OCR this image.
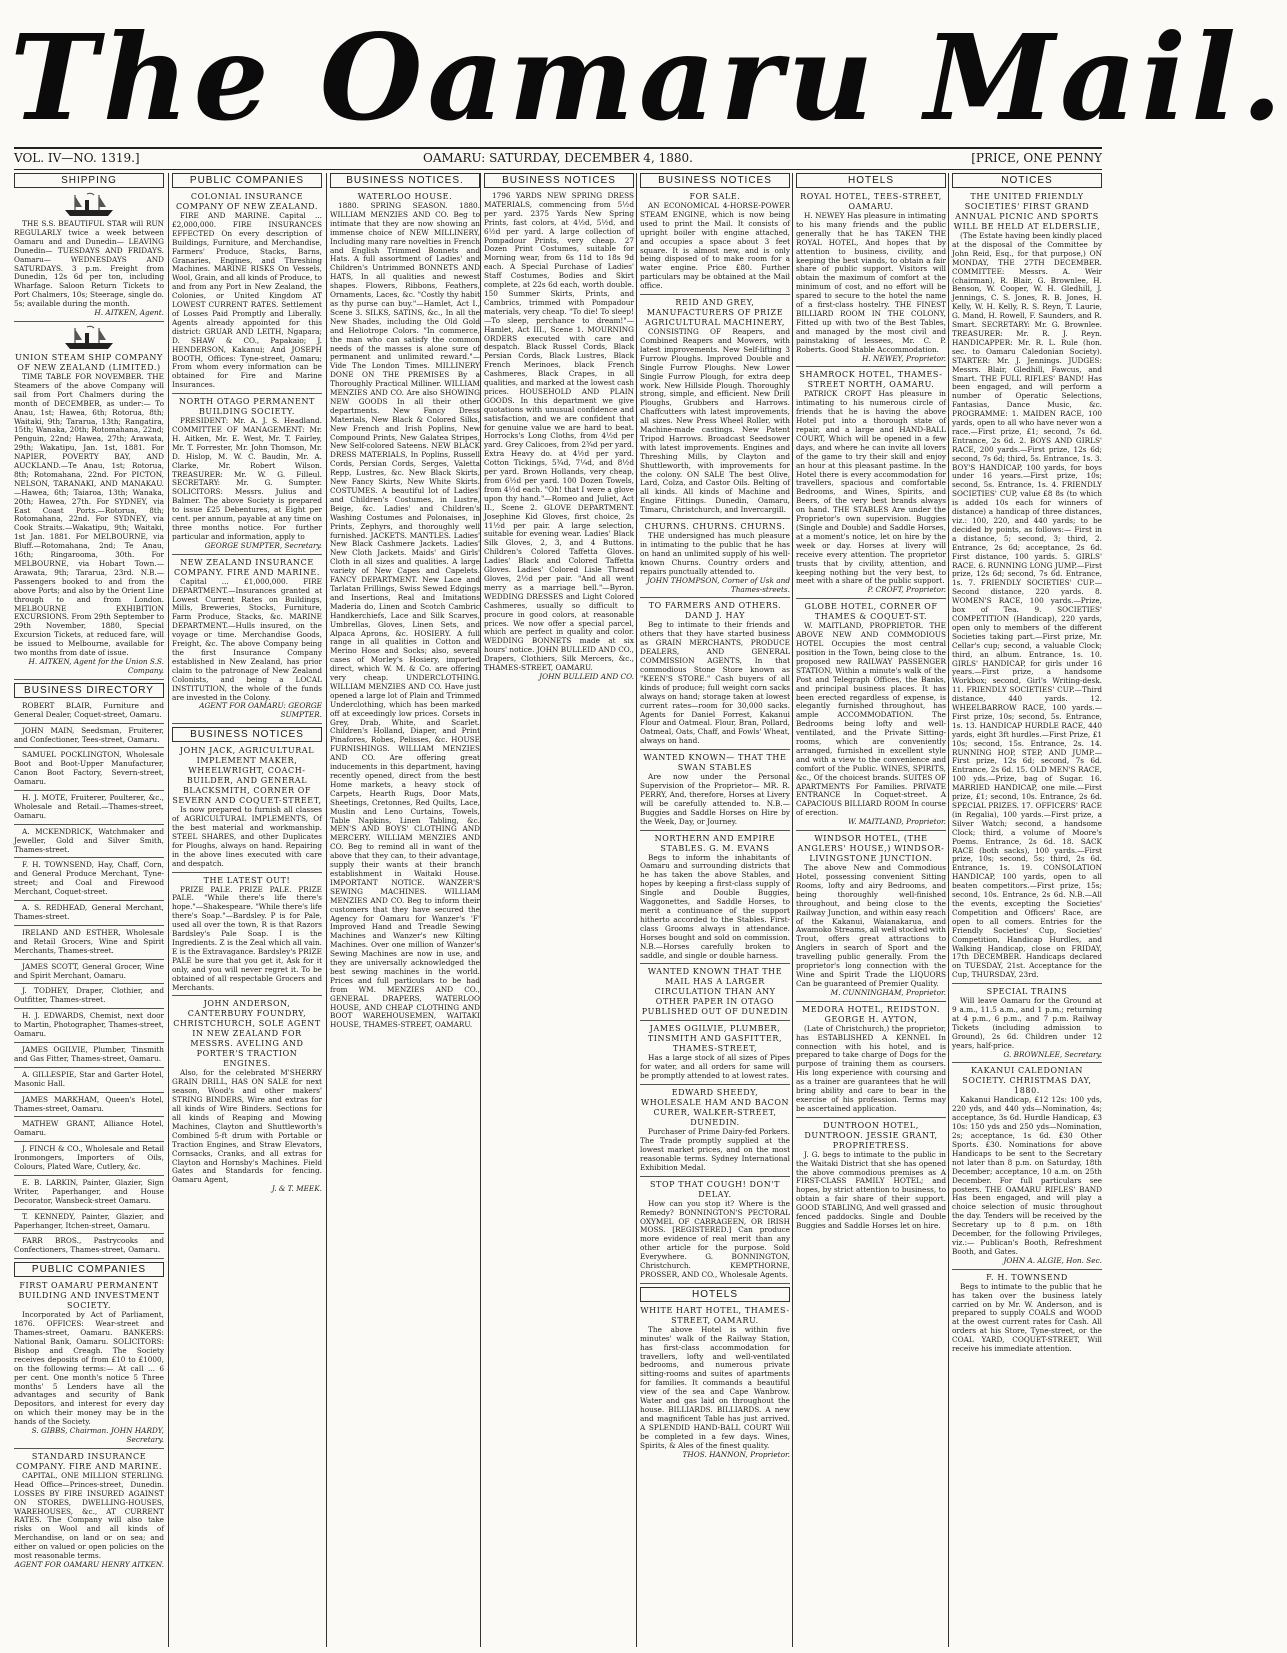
The Oamaru Mail.
VOL. IV—NO. 1319.]	OAMARU: SATURDAY, DECEMBER 4, 1880.	[PRICE, ONE PENNY
SHIPPING

THE S.S. BEAUTIFUL STAR will RUN REGULARLY twice a week between Oamaru and and Dunedin— LEAVING Dunedin— TUESDAYS AND FRIDAYS. Oamaru— WEDNESDAYS AND SATURDAYS. 3 p.m. Freight from Dunedin, 12s 6d per ton, including Wharfage. Saloon Return Tickets to Port Chalmers, 10s; Steerage, single do. 5s; available during the month.

H. AITKEN, Agent.
UNION STEAM SHIP COMPANY OF NEW ZEALAND (LIMITED.)

TIME TABLE FOR NOVEMBER. THE Steamers of the above Company will sail from Port Chalmers during the month of DECEMBER, as under:— To Anau, 1st; Hawea, 6th; Rotorua, 8th; Waitaki, 9th; Tararua, 13th; Rangatira, 15th; Wanaka, 20th; Rotomahana, 22nd; Penguin, 22nd; Hawea, 27th; Arawata, 29th; Wakatipu, Jan. 1st, 1881. For NAPIER, POVERTY BAY, AND AUCKLAND.—Te Anau, 1st; Rotorua, 8th; Rotomahana, 22nd. For PICTON, NELSON, TARANAKI, AND MANAKAU.—Hawea, 6th; Taiaroa, 13th; Wanaka, 20th; Hawea, 27th. For SYDNEY, via East Coast Ports.—Rotorua, 8th; Rotomahana, 22nd. For SYDNEY, via Cook Straits.—Wakatipu, 9th; Waitaki, 1st Jan. 1881. For MELBOURNE, via Bluff.—Rotomahana, 2nd; Te Anau, 16th; Ringarooma, 30th. For MELBOURNE, via Hobart Town.—Arawata, 9th; Tararua, 23rd. N.B.—Passengers booked to and from the above Ports; and also by the Orient Line through to and from London. MELBOURNE EXHIBITION EXCURSIONS. From 29th September to 29th November, 1880, Special Excursion Tickets, at reduced fare, will be issued to Melbourne, available for two months from date of issue.

H. AITKEN, Agent for the Union S.S. Company.
BUSINESS DIRECTORY

ROBERT BLAIR, Furniture and General Dealer, Coquet-street, Oamaru.

JOHN MAIN, Seedsman, Fruiterer, and Confectioner, Tees-street, Oamaru.

SAMUEL POCKLINGTON, Wholesale Boot and Boot-Upper Manufacturer, Canon Boot Factory, Severn-street, Oamaru.

H. J. MOTE, Fruiterer, Poulterer, &c., Wholesale and Retail.—Thames-street, Oamaru.

A. MCKENDRICK, Watchmaker and Jeweller, Gold and Silver Smith, Thames-street.

F. H. TOWNSEND, Hay, Chaff, Corn, and General Produce Merchant, Tyne-street; and Coal and Firewood Merchant, Coquet-street.

A. S. REDHEAD, General Merchant, Thames-street.

IRELAND AND ESTHER, Wholesale and Retail Grocers, Wine and Spirit Merchants, Thames-street.

JAMES SCOTT, General Grocer, Wine and Spirit Merchant, Oamaru.

J. TODHEY, Draper, Clothier, and Outfitter, Thames-street.

H. J. EDWARDS, Chemist, next door to Martin, Photographer, Thames-street, Oamaru.

JAMES OGILVIE, Plumber, Tinsmith and Gas Fitter, Thames-street, Oamaru.

A. GILLESPIE, Star and Garter Hotel, Masonic Hall.

JAMES MARKHAM, Queen's Hotel, Thames-street, Oamaru.

MATHEW GRANT, Alliance Hotel, Oamaru.

J. FINCH & CO., Wholesale and Retail Ironmongers, Importers of Oils, Colours, Plated Ware, Cutlery, &c.

E. B. LARKIN, Painter, Glazier, Sign Writer, Paperhanger, and House Decorator, Wansbeck-street Oamaru.

T. KENNEDY, Painter, Glazier, and Paperhanger, Itchen-street, Oamaru.

FARR BROS., Pastrycooks and Confectioners, Thames-street, Oamaru.

PUBLIC COMPANIES
FIRST OAMARU PERMANENT BUILDING AND INVESTMENT SOCIETY.

Incorporated by Act of Parliament, 1876. OFFICES: Wear-street and Thames-street, Oamaru. BANKERS: National Bank, Oamaru. SOLICITORS: Bishop and Creagh. The Society receives deposits of from £10 to £1000, on the following terms:— At call ... 6 per cent. One month's notice 5 Three months' 5 Lenders have all the advantages and security of Bank Depositors, and interest for every day on which their money may be in the hands of the Society.

S. GIBBS, Chairman. JOHN HARDY, Secretary.
STANDARD INSURANCE COMPANY. FIRE AND MARINE.

CAPITAL, ONE MILLION STERLING. Head Office—Princes-street, Dunedin. LOSSES BY FIRE INSURED AGAINST ON STORES, DWELLING-HOUSES, WAREHOUSES, &c., AT CURRENT RATES. The Company will also take risks on Wool and all kinds of Merchandise, on land or on sea; and either on valued or open policies on the most reasonable terms.

AGENT FOR OAMARU HENRY AITKEN.
PUBLIC COMPANIES
COLONIAL INSURANCE COMPANY OF NEW ZEALAND.

FIRE AND MARINE. Capital ... £2,000,000. FIRE INSURANCES EFFECTED On every description of Buildings, Furniture, and Merchandise, Farmers' Produce, Stacks, Barns, Granaries, Engines, and Threshing Machines. MARINE RISKS On Vessels, Wool, Grain, and all kinds of Produce, to and from any Port in New Zealand, the Colonies, or United Kingdom AT LOWEST CURRENT RATES. Settlement of Losses Paid Promptly and Liberally. Agents already appointed for this district: GRUAR AND LEITH, Ngapara; D. SHAW & CO., Papakaio; J. HENDERSON, Kakanui; And JOSEPH BOOTH, Offices: Tyne-street, Oamaru; From whom every information can be obtained for Fire and Marine Insurances.

NORTH OTAGO PERMANENT BUILDING SOCIETY.

PRESIDENT: Mr. A. J. S. Headland. COMMITTEE OF MANAGEMENT: Mr. H. Aitken, Mr. E. West, Mr. T. Fairley, Mr. T. Forrester, Mr. John Thomson, Mr. D. Hislop, M. W. C. Baudin, Mr. A. Clarke, Mr. Robert Wilson. TREASURER: Mr. W. G. Filleul. SECRETARY: Mr. G. Sumpter. SOLICITORS: Messrs. Julius and Balmer. The above Society is prepared to issue £25 Debentures, at Eight per cent. per annum, payable at any time on three months notice. For further particular and information, apply to

GEORGE SUMPTER, Secretary.
NEW ZEALAND INSURANCE COMPANY. FIRE AND MARINE.

Capital ... £1,000,000. FIRE DEPARTMENT.—Insurances granted at Lowest Current Rates on Buildings, Mills, Breweries, Stocks, Furniture, Farm Produce, Stacks, &c. MARINE DEPARTMENT.—Hulls insured, on the voyage or time. Merchandise Goods, Freight, &c. The above Company being the first Insurance Company established in New Zealand, has prior claim to the patronage of New Zealand Colonists, and being a LOCAL INSTITUTION, the whole of the funds are invested in the Colony.

AGENT FOR OAMARU: GEORGE SUMPTER.
BUSINESS NOTICES
JOHN JACK, AGRICULTURAL IMPLEMENT MAKER, WHEELWRIGHT, COACH-BUILDER, AND GENERAL BLACKSMITH, CORNER OF SEVERN AND COQUET-STREET,

Is now prepared to furnish all classes of AGRICULTURAL IMPLEMENTS, Of the best material and workmanship. STEEL SHARES, and other Duplicates for Ploughs, always on hand. Repairing in the above lines executed with care and despatch.

THE LATEST OUT!

PRIZE PALE. PRIZE PALE. PRIZE PALE. "While there's life there's hope."—Shakespeare. "While there's life there's Soap."—Bardsley. P is for Pale, used all over the town, R is that Razors Bardsley's Pale Soap. I is the Ingredients. Z is the Zeal which all vain. E is the Extravagance. Bardsley's PRIZE PALE be sure that you get it, Ask for it only, and you will never regret it. To be obtained of all respectable Grocers and Merchants.

JOHN ANDERSON, CANTERBURY FOUNDRY, CHRISTCHURCH, SOLE AGENT IN NEW ZEALAND FOR MESSRS. AVELING AND PORTER'S TRACTION ENGINES.

Also, for the celebrated M'SHERRY GRAIN DRILL, HAS ON SALE for next season, Wood's and other makers' STRING BINDERS, Wire and extras for all kinds of Wire Binders. Sections for all kinds of Reaping and Mowing Machines, Clayton and Shuttleworth's Combined 5-ft drum with Portable or Traction Engines, and Straw Elevators, Cornsacks, Cranks, and all extras for Clayton and Hornsby's Machines. Field Gates and Standards for fencing. Oamaru Agent,

J. & T. MEEK.
BUSINESS NOTICES.
WATERLOO HOUSE.

1880. SPRING SEASON. 1880. WILLIAM MENZIES AND CO. Beg to intimate that they are now showing an immense choice of NEW MILLINERY, Including many rare novelties in French and English Trimmed Bonnets and Hats. A full assortment of Ladies' and Children's Untrimmed BONNETS AND HATS, In all qualities and newest shapes. Flowers, Ribbons, Feathers, Ornaments, Laces, &c. "Costly thy habit as thy purse can buy."—Hamlet, Act I., Scene 3. SILKS, SATINS, &c., In all the New Shades, including the Old Gold and Heliotrope Colors. "In commerce, the man who can satisfy the common needs of the masses is alone sure of permanent and unlimited reward."—Vide The London Times. MILLINERY DONE ON THE PREMISES By a Thoroughly Practical Milliner. WILLIAM MENZIES AND CO. Are also SHOWING NEW GOODS In all their other departments. New Fancy Dress Materials, New Black & Colored Silks, New French and Irish Poplins, New Compound Prints, New Galatea Stripes, New Self-colored Sateens. NEW BLACK DRESS MATERIALS, In Poplins, Russell Cords, Persian Cords, Serges, Valetta Repp, Lustres, &c. New Black Skirts, New Fancy Skirts, New White Skirts. COSTUMES. A beautiful lot of Ladies' and Children's Costumes, in Lustre, Beige, &c. Ladies' and Children's Washing Costumes and Polonaises, in Prints, Zephyrs, and thoroughly well furnished. JACKETS. MANTLES. Ladies' New Black Cashmere Jackets. Ladies' New Cloth Jackets. Maids' and Girls' Cloth in all sizes and qualities. A large variety of New Capes and Capelets. FANCY DEPARTMENT. New Lace and Tarlatan Frillings, Swiss Sewed Edgings and Insertions, Real and Imitations Maderia do, Linen and Scotch Cambric Handkerchiefs, Lace and Silk Scarves, Umbrellas, Gloves, Linen Sets, and Alpaca Aprons, &c. HOSIERY. A full range in all qualities in Cotton and Merino Hose and Socks; also, several cases of Morley's Hosiery, imported direct, which W. M. & Co. are offering very cheap. UNDERCLOTHING. WILLIAM MENZIES AND CO. Have just opened a large lot of Plain and Trimmed Underclothing, which has been marked off at exceedingly low prices. Corsets in Grey, Drab, White, and Scarlet. Children's Holland, Diaper, and Print Pinafores, Robes, Pelisses, &c. HOUSE FURNISHINGS. WILLIAM MENZIES AND CO. Are offering great inducements in this department, having recently opened, direct from the best Home markets, a heavy stock of Carpets, Hearth Rugs, Door Mats, Sheetings, Cretonnes, Red Quilts, Lace, Muslin and Leno Curtains, Towels, Table Napkins, Linen Tabling, &c. MEN'S AND BOYS' CLOTHING AND MERCERY. WILLIAM MENZIES AND CO. Beg to remind all in want of the above that they can, to their advantage, supply their wants at their branch establishment in Waitaki House. IMPORTANT NOTICE. WANZER'S SEWING MACHINES. WILLIAM MENZIES AND CO. Beg to inform their customers that they have secured the Agency for Oamaru for Wanzer's 'F' Improved Hand and Treadle Sewing Machines and Wanzer's new Kilting Machines. Over one million of Wanzer's Sewing Machines are now in use, and they are universally acknowledged the best sewing machines in the world. Prices and full particulars to be had from WM. MENZIES AND CO., GENERAL DRAPERS, WATERLOO HOUSE, AND CHEAP CLOTHING AND BOOT WAREHOUSEMEN, WAITAKI HOUSE, THAMES-STREET, OAMARU.

BUSINESS NOTICES

1796 YARDS NEW SPRING DRESS MATERIALS, commencing from 5½d per yard. 2375 Yards New Spring Prints, fast colors, at 4½d, 5½d, and 6½d per yard. A large collection of Pompadour Prints, very cheap. 27 Dozen Print Costumes, suitable for Morning wear, from 6s 11d to 18s 9d each. A Special Purchase of Ladies' Staff Costumes, Bodies and Skirt complete, at 22s 6d each, worth double. 150 Summer Skirts, Prints, and Cambrics, trimmed with Pompadour materials, very cheap. "To die! To sleep!—To sleep, perchance to dream!"—Hamlet, Act III., Scene 1. MOURNING ORDERS executed with care and despatch. Black Russel Cords, Black Persian Cords, Black Lustres, Black French Merinoes, black French Cashmeres, Black Crapes, in all qualities, and marked at the lowest cash prices. HOUSEHOLD AND PLAIN GOODS. In this department we give quotations with unusual confidence and satisfaction, and we are confident that for genuine value we are hard to beat. Horrocks's Long Cloths, from 4½d per yard. Grey Calicoes, from 2¾d per yard. Extra Heavy do. at 4½d per yard. Cotton Tickings, 5¾d, 7¼d, and 8½d per yard. Brown Hollands, very cheap, from 6½d per yard. 100 Dozen Towels, from 4½d each. "Oh! that I were a glove upon thy hand."—Romeo and Juliet, Act II., Scene 2. GLOVE DEPARTMENT. Josephine Kid Gloves, first choice, 2s 11½d per pair. A large selection, suitable for evening wear. Ladies' Black Silk Gloves, 2, 3, and 4 Buttons. Children's Colored Taffetta Gloves. Ladies' Black and Colored Taffetta Gloves. Ladies' Colored Lisle Thread Gloves, 2½d per pair. "And all went merry as a marriage bell."—Byron. WEDDING DRESSES and Light Colored Cashmeres, usually so difficult to procure in good colors, at reasonable prices. We now offer a special parcel, which are perfect in quality and color. WEDDING BONNETS made at six hours' notice. JOHN BULLEID AND CO., Drapers, Clothiers, Silk Mercers, &c., THAMES-STREET, OAMARU.

JOHN BULLEID AND CO.
BUSINESS NOTICES
FOR SALE.

AN ECONOMICAL 4-HORSE-POWER STEAM ENGINE, which is now being used to print the Mail. It consists of upright boiler with engine attached, and occupies a space about 3 feet square. It is almost new, and is only being disposed of to make room for a water engine. Price £80. Further particulars may be obtained at the Mail office.

REID AND GREY, MANUFACTURERS OF PRIZE AGRICULTURAL MACHINERY,

CONSISTING OF Reapers, and Combined Reapers and Mowers, with latest improvements. New Self-lifting 3 Furrow Ploughs. Improved Double and Single Furrow Ploughs. New Lower Single Furrow Plough, for extra deep work. New Hillside Plough. Thoroughly strong, simple, and efficient. New Drill Ploughs, Grubbers and Harrows. Chaffcutters with latest improvements, all sizes. New Press Wheel Roller, with Machine-made castings. New Patent Tripod Harrows. Broadcast Seedsower with latest improvements. Engines and Threshing Mills, by Clayton and Shuttleworth, with improvements for the colony. ON SALE The best Olive, Lard, Colza, and Castor Oils. Belting of all kinds. All kinds of Machine and Engine Fittings. Dunedin, Oamaru, Timaru, Christchurch, and Invercargill.

CHURNS. CHURNS. CHURNS.

THE undersigned has much pleasure in intimating to the public that he has on hand an unlimited supply of his well-known Churns. Country orders and repairs punctually attended to.

JOHN THOMPSON, Corner of Usk and Thames-streets.
TO FARMERS AND OTHERS. DAND J. HAY

Beg to intimate to their friends and others that they have started business as GRAIN MERCHANTS, PRODUCE DEALERS, AND GENERAL COMMISSION AGENTS, In that commodious Stone Store known as "KEEN'S STORE." Cash buyers of all kinds of produce; full weight corn sacks always on hand; storage taken at lowest current rates—room for 30,000 sacks. Agents for Daniel Forrest, Kakanui Flour and Oatmeal. Flour, Bran, Pollard, Oatmeal, Oats, Chaff, and Fowls' Wheat, always on hand.

WANTED KNOWN— THAT THE SWAN STABLES

Are now under the Personal Supervision of the Proprietor— MR. R. PERRY, And, therefore, Horses at Livery will be carefully attended to. N.B.—Buggies and Saddle Horses on Hire by the Week, Day, or Journey.

NORTHERN AND EMPIRE STABLES. G. M. EVANS

Begs to inform the inhabitants of Oamaru and surrounding districts that he has taken the above Stables, and hopes by keeping a first-class supply of Single and Double Buggies, Waggonettes, and Saddle Horses, to merit a continuance of the support hitherto accorded to the Stables. First-class Grooms always in attendance. Horses bought and sold on commission. N.B.—Horses carefully broken to saddle, and single or double harness.

WANTED KNOWN THAT THE MAIL HAS A LARGER CIRCULATION THAN ANY OTHER PAPER IN OTAGO PUBLISHED OUT OF DUNEDIN
JAMES OGILVIE, PLUMBER, TINSMITH AND GASFITTER, THAMES-STREET,

Has a large stock of all sizes of Pipes for water, and all orders for same will be promptly attended to at lowest rates.

EDWARD SHEEDY, WHOLESALE HAM AND BACON CURER, WALKER-STREET, DUNEDIN.

Purchaser of Prime Dairy-fed Porkers. The Trade promptly supplied at the lowest market prices, and on the most reasonable terms. Sydney International Exhibition Medal.

STOP THAT COUGH! DON'T DELAY.

How can you stop it? Where is the Remedy? BONNINGTON'S PECTORAL OXYMEL OF CARRAGEEN, OR IRISH MOSS. [REGISTERED.] Can produce more evidence of real merit than any other article for the purpose. Sold Everywhere. G. BONNINGTON, Christchurch. KEMPTHORNE, PROSSER, AND CO., Wholesale Agents.

HOTELS
WHITE HART HOTEL, THAMES-STREET, OAMARU.

The above Hotel is within five minutes' walk of the Railway Station, has first-class accommodation for travellers, lofty and well-ventilated bedrooms, and numerous private sitting-rooms and suites of apartments for families. It commands a beautiful view of the sea and Cape Wanbrow. Water and gas laid on throughout the house. BILLIARDS. BILLIARDS. A new and magnificent Table has just arrived. A SPLENDID HAND-BALL COURT Will be completed in a few days. Wines, Spirits, & Ales of the finest quality.

THOS. HANNON, Proprietor.
HOTELS
ROYAL HOTEL, TEES-STREET, OAMARU.

H. NEWEY Has pleasure in intimating to his many friends and the public generally that he has TAKEN THE ROYAL HOTEL, And hopes that by attention to business, civility, and keeping the best viands, to obtain a fair share of public support. Visitors will obtain the maximum of comfort at the minimum of cost, and no effort will be spared to secure to the hotel the name of a first-class hostelry. THE FINEST BILLIARD ROOM IN THE COLONY, Fitted up with two of the Best Tables, and managed by the most civil and painstaking of lessees, Mr. C. P. Roberts. Good Stable Accommodation.

H. NEWEY, Proprietor.
SHAMROCK HOTEL, THAMES-STREET NORTH, OAMARU.

PATRICK CROFT Has pleasure in intimating to his numerous circle of friends that he is having the above Hotel put into a thorough state of repair, and a large and HAND-BALL COURT, Which will be opened in a few days, and where he can invite all lovers of the game to try their skill and enjoy an hour at this pleasant pastime. In the Hotel there is every accommodation for travellers, spacious and comfortable Bedrooms, and Wines, Spirits, and Beers, of the very best brands always on hand. THE STABLES Are under the Proprietor's own supervision. Buggies (Single and Double) and Saddle Horses, at a moment's notice, let on hire by the week or day. Horses at livery will receive every attention. The proprietor trusts that by civility, attention, and keeping nothing but the very best, to meet with a share of the public support.

P. CROFT, Proprietor.
GLOBE HOTEL, CORNER OF THAMES & COQUET-ST.

W. MAITLAND, PROPRIETOR. THE ABOVE NEW AND COMMODIOUS HOTEL Occupies the most central position in the Town, being close to the proposed new RAILWAY PASSENGER STATION, Within a minute's walk of the Post and Telegraph Offices, the Banks, and principal business places. It has been erected regardless of expense, is elegantly furnished throughout, has ample ACCOMMODATION. The Bedrooms being lofty and well-ventilated, and the Private Sitting-rooms, which are conveniently arranged, furnished in excellent style and with a view to the convenience and comfort of the Public. WINES, SPIRITS, &c., Of the choicest brands. SUITES OF APARTMENTS For Families. PRIVATE ENTRANCE In Coquet-street. A CAPACIOUS BILLIARD ROOM In course of erection.

W. MAITLAND, Proprietor.
WINDSOR HOTEL, (THE ANGLERS' HOUSE,) WINDSOR-LIVINGSTONE JUNCTION.

The above New and Commodious Hotel, possessing convenient Sitting Rooms, lofty and airy Bedrooms, and being thoroughly well-finished throughout, and being close to the Railway Junction, and within easy reach of the Kakanui, Waianakarua, and Awamoko Streams, all well stocked with Trout, offers great attractions to Anglers in search of Sport and the travelling public generally. From the proprietor's long connection with the Wine and Spirit Trade the LIQUORS Can be guaranteed of Premier Quality.

M. CUNNINGHAM, Proprietor.
MEDORA HOTEL, REIDSTON. GEORGE H. AYTON,

(Late of Christchurch,) the proprietor, has ESTABLISHED A KENNEL In connection with his hotel, and is prepared to take charge of Dogs for the purpose of training them as coursers. His long experience with coursing and as a trainer are guarantees that he will bring ability and care to bear in the exercise of his profession. Terms may be ascertained application.

DUNTROON HOTEL, DUNTROON. JESSIE GRANT, PROPRIETRESS.

J. G. begs to intimate to the public in the Waitaki District that she has opened the above commodious premises as A FIRST-CLASS FAMILY HOTEL; and hopes, by strict attention to business, to obtain a fair share of their support. GOOD STABLING, And well grassed and fenced paddocks. Single and Double Buggies and Saddle Horses let on hire.

NOTICES
THE UNITED FRIENDLY SOCIETIES' FIRST GRAND ANNUAL PICNIC AND SPORTS WILL BE HELD AT ELDERSLIE,

(The Estate having been kindly placed at the disposal of the Committee by John Reid, Esq., for that purpose,) ON MONDAY, THE 27TH DECEMBER. COMMITTEE: Messrs. A. Weir (chairman), R. Blair, G. Brownlee, H. Benson, W. Cooper, W. H. Gledhill, J. Jennings, C. S. Jones, R. B. Jones, H. Kelly, W. H. Kelly, R. S. Reyn, T. Laurie, G. Mand, H. Rowell, F. Saunders, and R. Smart. SECRETARY: Mr. G. Brownlee. TREASURER: Mr. R. J. Reyn. HANDICAPPER: Mr. R. L. Rule (hon. sec. to Oamaru Caledonian Society). STARTER: Mr. J. Jennings. JUDGES: Messrs. Blair, Gledhill, Fawcus, and Smart. THE FULL RIFLES' BAND! Has been engaged, and will perform a number of Operatic Selections, Fantasias, Dance Music, &c. PROGRAMME: 1. MAIDEN RACE, 100 yards, open to all who have never won a race.—First prize, £1; second, 7s 6d. Entrance, 2s 6d. 2. BOYS AND GIRLS' RACE, 200 yards.—First prize, 12s 6d; second, 7s 6d; third, 5s. Entrance, 1s. 3. BOY'S HANDICAP, 100 yards, for boys under 16 years.—First prize, 10s; second, 5s. Entrance, 1s. 4. FRIENDLY SOCIETIES' CUP, value £8 8s (to which is added 10s each for winners of distance) a handicap of three distances, viz.: 100, 220, and 440 yards; to be decided by points, as follows:— First in a distance, 5; second, 3; third, 2. Entrance, 2s 6d; acceptance, 2s 6d. First distance, 100 yards. 5. GIRLS' RACE. 6. RUNNING LONG JUMP.—First prize, 12s 6d; second, 7s 6d. Entrance, 1s. 7. FRIENDLY SOCIETIES' CUP.—Second distance, 220 yards. 8. WOMEN'S RACE, 100 yards.—Prize, box of Tea. 9. SOCIETIES' COMPETITION (Handicap), 220 yards, open only to members of the different Societies taking part.—First prize, Mr. Cellar's cup; second, a valuable Clock; third, an album. Entrance, 1s. 10. GIRLS' HANDICAP, for girls under 16 years.—First prize, a handsome Workbox; second, Girl's Writing-desk. 11. FRIENDLY SOCIETIES' CUP.—Third distance, 440 yards. 12. WHEELBARROW RACE, 100 yards.—First prize, 10s; second, 5s. Entrance, 1s. 13. HANDICAP HURDLE RACE, 440 yards, eight 3ft hurdles.—First Prize, £1 10s; second, 15s. Entrance, 2s. 14. RUNNING HOP, STEP, AND JUMP.—First prize, 12s 6d; second, 7s 6d. Entrance, 2s 6d. 15. OLD MEN'S RACE, 100 yds.—Prize, bag of Sugar. 16. MARRIED HANDICAP, one mile.—First prize, £1; second, 10s. Entrance, 2s 6d. SPECIAL PRIZES. 17. OFFICERS' RACE (in Regalia), 100 yards.—First prize, a Silver Watch; second, a handsome Clock; third, a volume of Moore's Poems. Entrance, 2s 6d. 18. SACK RACE (both sacks), 100 yards.—First prize, 10s; second, 5s; third, 2s 6d. Entrance, 1s. 19. CONSOLATION HANDICAP, 100 yards, open to all beaten competitors.—First prize, 15s; second, 10s. Entrance, 2s 6d. N.B.—All the events, excepting the Societies' Competition and Officers' Race, are open to all comers. Entries for the Friendly Societies' Cup, Societies' Competition, Handicap Hurdles, and Walking Handicap, close on FRIDAY, 17th DECEMBER. Handicaps declared on TUESDAY, 21st. Acceptance for the Cup, THURSDAY, 23rd.

SPECIAL TRAINS

Will leave Oamaru for the Ground at 9 a.m., 11.5 a.m., and 1 p.m.; returning at 4 p.m., 6 p.m., and 7 p.m. Railway Tickets (including admission to Ground), 2s 6d. Children under 12 years, half-price.

G. BROWNLEE, Secretary.
KAKANUI CALEDONIAN SOCIETY. CHRISTMAS DAY, 1880.

Kakanui Handicap, £12 12s: 100 yds, 220 yds, and 440 yds—Nomination, 4s; acceptance, 3s 6d. Hurdle Handicap, £3 10s: 150 yds and 250 yds—Nomination, 2s; acceptance, 1s 6d. £30 Other Sports. £30. Nominations for above Handicaps to be sent to the Secretary not later than 8 p.m. on Saturday, 18th December; acceptance, 10 a.m. on 25th December. For full particulars see posters. THE OAMARU RIFLES' BAND Has been engaged, and will play a choice selection of music throughout the day. Tenders will be received by the Secretary up to 8 p.m. on 18th December, for the following Privileges, viz.:— Publican's Booth, Refreshment Booth, and Gates.

JOHN A. ALGIE, Hon. Sec.
F. H. TOWNSEND

Begs to intimate to the public that he has taken over the business lately carried on by Mr. W. Anderson, and is prepared to supply COALS and WOOD at the owest current rates for Cash. All orders at his Store, Tyne-street, or the COAL YARD, COQUET-STREET, Will receive his immediate attention.
